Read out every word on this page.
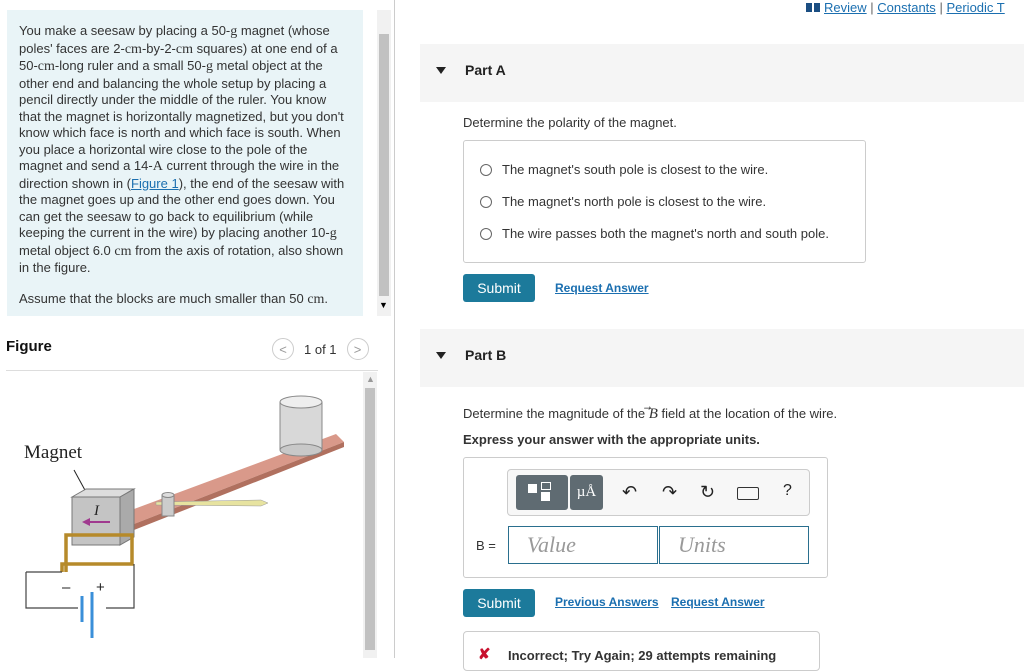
You make a seesaw by placing a 50-g magnet (whose poles' faces are 2-cm-by-2-cm squares) at one end of a 50-cm-long ruler and a small 50-g metal object at the other end and balancing the whole setup by placing a pencil directly under the middle of the ruler. You know that the magnet is horizontally magnetized, but you don't know which face is north and which face is south. When you place a horizontal wire close to the pole of the magnet and send a 14-A current through the wire in the direction shown in (Figure 1), the end of the seesaw with the magnet goes up and the other end goes down. You can get the seesaw to go back to equilibrium (while keeping the current in the wire) by placing another 10-g metal object 6.0 cm from the axis of rotation, also shown in the figure.

Assume that the blocks are much smaller than 50 cm.	▼
Figure	< 1 of 1 >
Magnet
I
– +
▲
Review | Constants | Periodic T
Part A
Determine the polarity of the magnet.
The magnet's south pole is closest to the wire.
The magnet's north pole is closest to the wire.
The wire passes both the magnet's north and south pole.
Submit	Request Answer
Part B
Determine the magnitude of the B field at the location of the wire.
Express your answer with the appropriate units.
µÅ	↶ ↷ ↻	?
B =	Value	Units
Submit	Previous Answers Request Answer
✘ Incorrect; Try Again; 29 attempts remaining
